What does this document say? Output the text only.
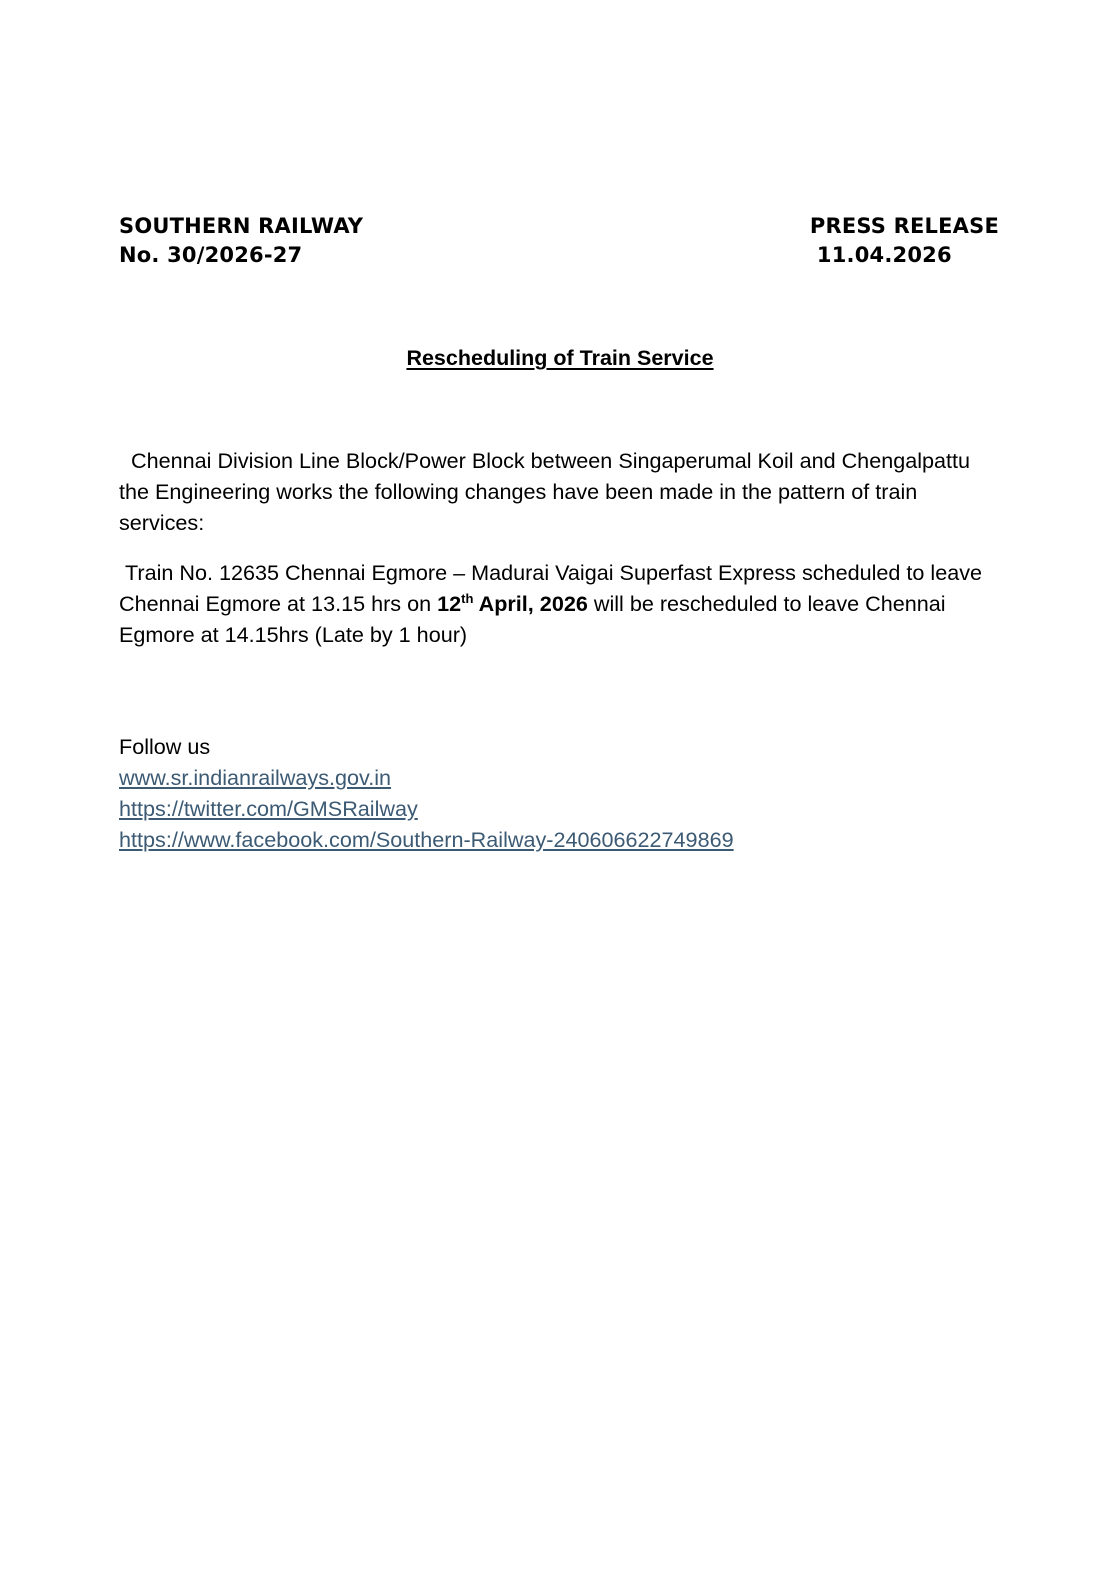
SOUTHERN RAILWAY
No. 30/2026-27
PRESS RELEASE
11.04.2026
Rescheduling of Train Service

Chennai Division Line Block/Power Block between Singaperumal Koil and Chengalpattu the Engineering works the following changes have been made in the pattern of train services:

Train No. 12635 Chennai Egmore – Madurai Vaigai Superfast Express scheduled to leave Chennai Egmore at 13.15 hrs on 12th April, 2026 will be rescheduled to leave Chennai Egmore at 14.15hrs (Late by 1 hour)

Follow us
www.sr.indianrailways.gov.in
https://twitter.com/GMSRailway
https://www.facebook.com/Southern-Railway-240606622749869
